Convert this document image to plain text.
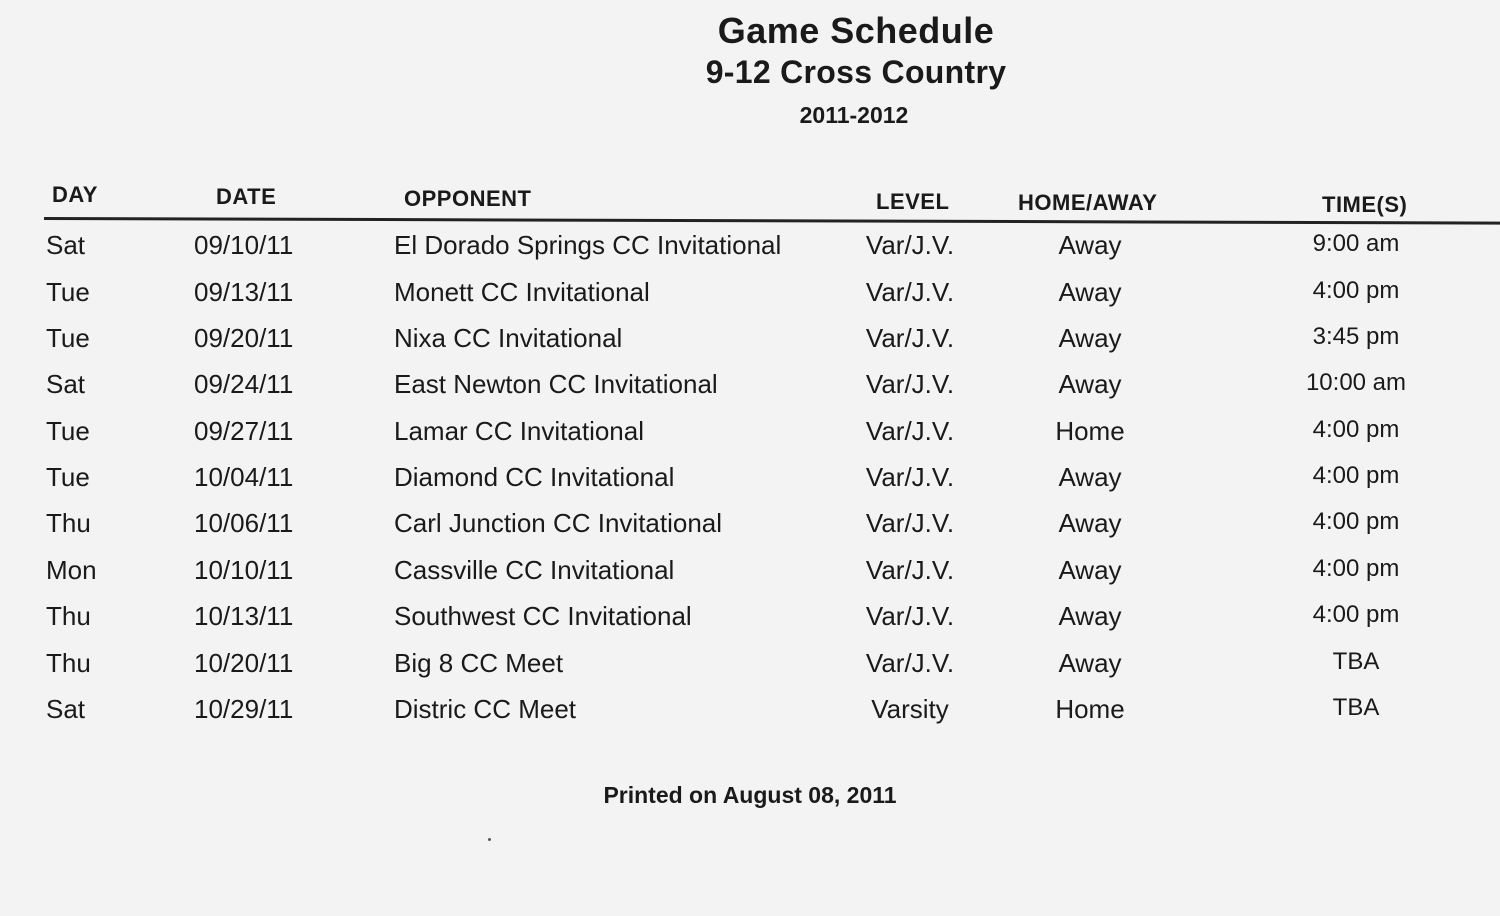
Game Schedule
9-12 Cross Country
2011-2012
DAY	DATE	OPPONENT	LEVEL	HOME/AWAY	TIME(S)
Sat	09/10/11	El Dorado Springs CC Invitational	Var/J.V.	Away	9:00 am
Tue	09/13/11	Monett CC Invitational	Var/J.V.	Away	4:00 pm
Tue	09/20/11	Nixa CC Invitational	Var/J.V.	Away	3:45 pm
Sat	09/24/11	East Newton CC Invitational	Var/J.V.	Away	10:00 am
Tue	09/27/11	Lamar CC Invitational	Var/J.V.	Home	4:00 pm
Tue	10/04/11	Diamond CC Invitational	Var/J.V.	Away	4:00 pm
Thu	10/06/11	Carl Junction CC Invitational	Var/J.V.	Away	4:00 pm
Mon	10/10/11	Cassville CC Invitational	Var/J.V.	Away	4:00 pm
Thu	10/13/11	Southwest CC Invitational	Var/J.V.	Away	4:00 pm
Thu	10/20/11	Big 8 CC Meet	Var/J.V.	Away	TBA
Sat	10/29/11	Distric CC Meet	Varsity	Home	TBA
Printed on August 08, 2011
